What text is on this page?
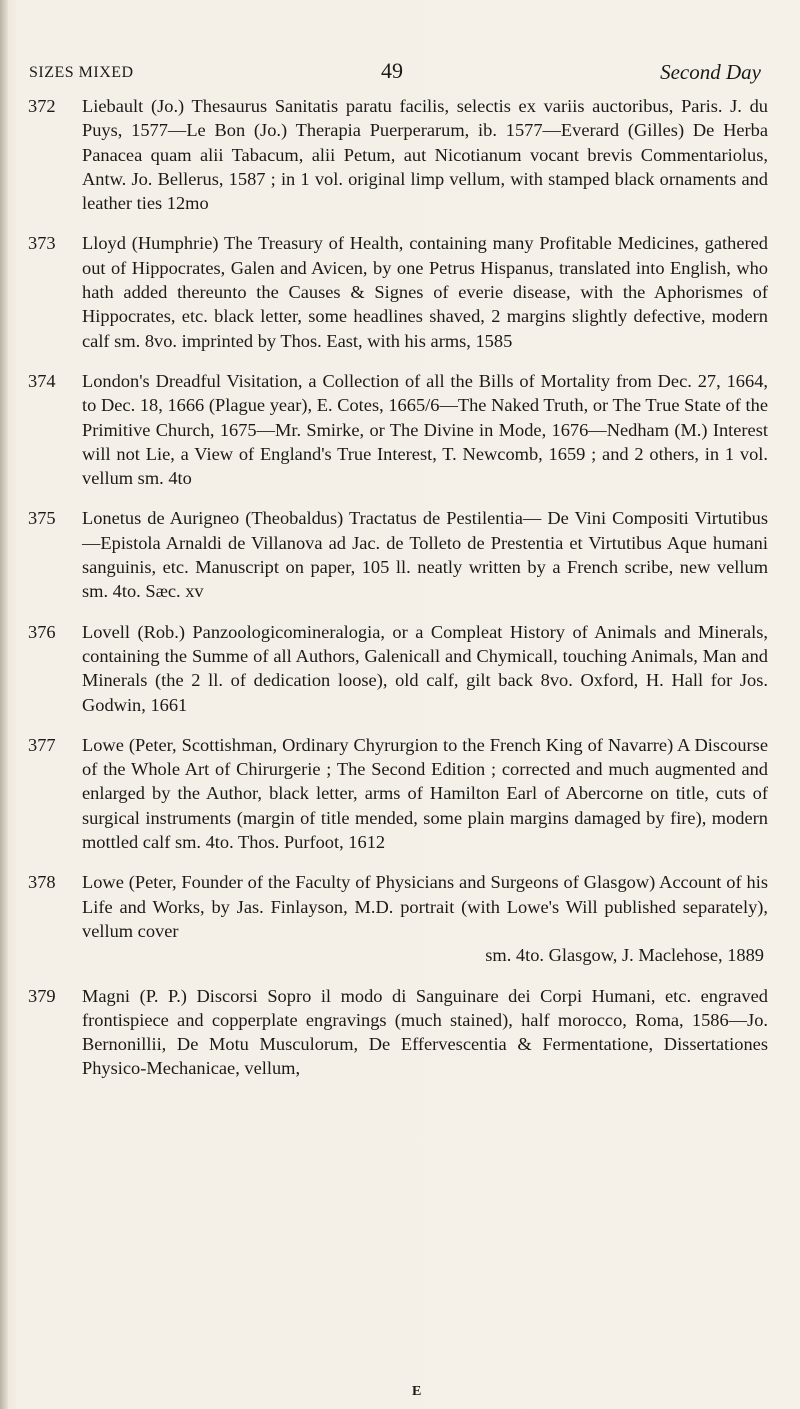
SIZES MIXED	49	Second Day
372 Liebault (Jo.) Thesaurus Sanitatis paratu facilis, selectis ex variis auctoribus, Paris. J. du Puys, 1577—Le Bon (Jo.) Therapia Puerperarum, ib. 1577—Everard (Gilles) De Herba Panacea quam alii Tabacum, alii Petum, aut Nicotianum vocant brevis Commentariolus, Antw. Jo. Bellerus, 1587 ; in 1 vol. original limp vellum, with stamped black ornaments and leather ties 12mo
373 Lloyd (Humphrie) The Treasury of Health, containing many Profitable Medicines, gathered out of Hippocrates, Galen and Avicen, by one Petrus Hispanus, translated into English, who hath added thereunto the Causes & Signes of everie disease, with the Aphorismes of Hippocrates, etc. black letter, some headlines shaved, 2 margins slightly defective, modern calf sm. 8vo. imprinted by Thos. East, with his arms, 1585
374 London's Dreadful Visitation, a Collection of all the Bills of Mortality from Dec. 27, 1664, to Dec. 18, 1666 (Plague year), E. Cotes, 1665/6—The Naked Truth, or The True State of the Primitive Church, 1675—Mr. Smirke, or The Divine in Mode, 1676—Nedham (M.) Interest will not Lie, a View of England's True Interest, T. Newcomb, 1659 ; and 2 others, in 1 vol. vellum sm. 4to
375 Lonetus de Aurigneo (Theobaldus) Tractatus de Pestilentia— De Vini Compositi Virtutibus—Epistola Arnaldi de Villanova ad Jac. de Tolleto de Prestentia et Virtutibus Aque humani sanguinis, etc. Manuscript on paper, 105 ll. neatly written by a French scribe, new vellum sm. 4to. Sæc. xv
376 Lovell (Rob.) Panzoologicomineralogia, or a Compleat History of Animals and Minerals, containing the Summe of all Authors, Galenicall and Chymicall, touching Animals, Man and Minerals (the 2 ll. of dedication loose), old calf, gilt back 8vo. Oxford, H. Hall for Jos. Godwin, 1661
377 Lowe (Peter, Scottishman, Ordinary Chyrurgion to the French King of Navarre) A Discourse of the Whole Art of Chirurgerie ; The Second Edition ; corrected and much augmented and enlarged by the Author, black letter, arms of Hamilton Earl of Abercorne on title, cuts of surgical instruments (margin of title mended, some plain margins damaged by fire), modern mottled calf sm. 4to. Thos. Purfoot, 1612
378 Lowe (Peter, Founder of the Faculty of Physicians and Surgeons of Glasgow) Account of his Life and Works, by Jas. Finlayson, M.D. portrait (with Lowe's Will published separately), vellum cover
sm. 4to. Glasgow, J. Maclehose, 1889
379 Magni (P. P.) Discorsi Sopro il modo di Sanguinare dei Corpi Humani, etc. engraved frontispiece and copperplate engravings (much stained), half morocco, Roma, 1586—Jo. Bernonillii, De Motu Musculorum, De Effervescentia & Fermentatione, Dissertationes Physico-Mechanicae, vellum,
E
